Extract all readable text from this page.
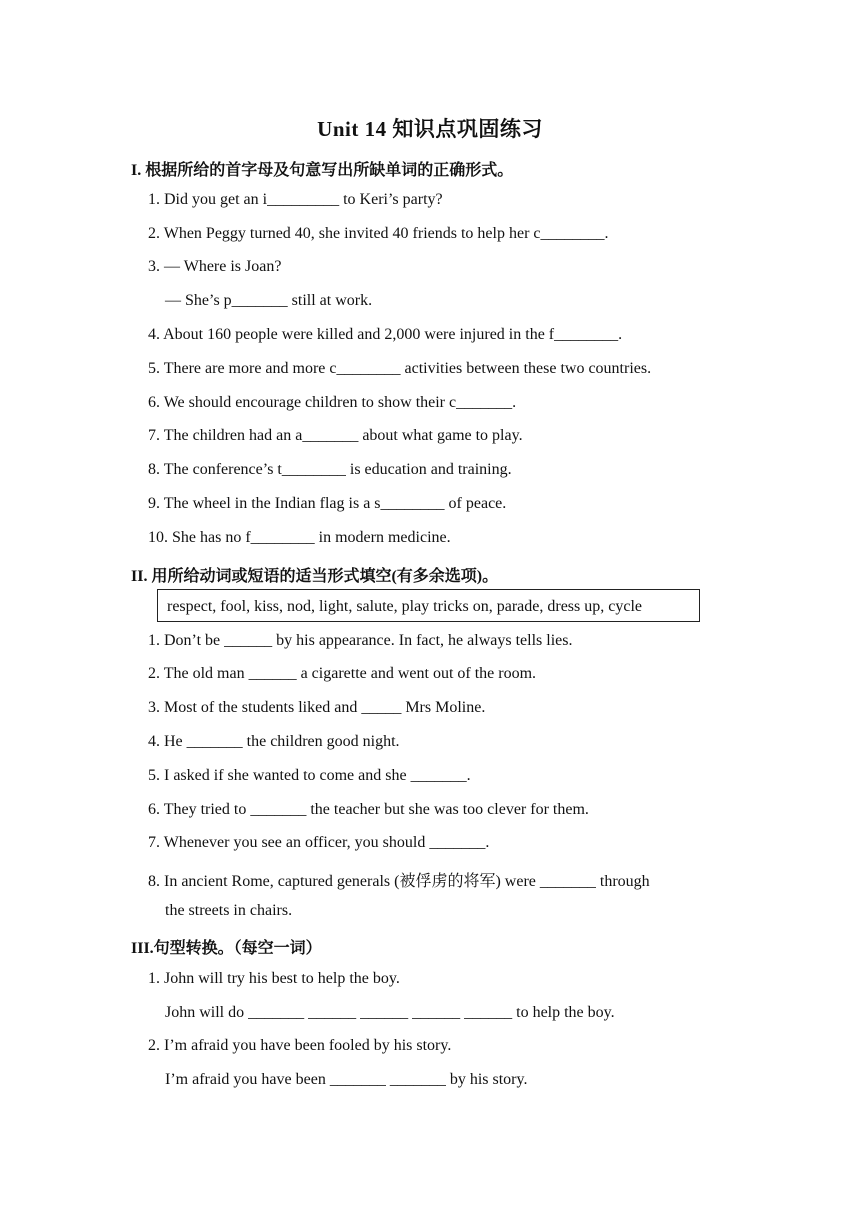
Unit 14 知识点巩固练习
I. 根据所给的首字母及句意写出所缺单词的正确形式。
1. Did you get an i_________ to Keri’s party?
2. When Peggy turned 40, she invited 40 friends to help her c________.
3. — Where is Joan?
— She’s p_______ still at work.
4. About 160 people were killed and 2,000 were injured in the f________.
5. There are more and more c________ activities between these two countries.
6. We should encourage children to show their c_______.
7. The children had an a_______ about what game to play.
8. The conference’s t________ is education and training.
9. The wheel in the Indian flag is a s________ of peace.
10. She has no f________ in modern medicine.
II. 用所给动词或短语的适当形式填空(有多余选项)。
respect, fool, kiss, nod, light, salute, play tricks on, parade, dress up, cycle
1. Don’t be ______ by his appearance. In fact, he always tells lies.
2. The old man ______ a cigarette and went out of the room.
3. Most of the students liked and _____ Mrs Moline.
4. He _______ the children good night.
5. I asked if she wanted to come and she _______.
6. They tried to _______ the teacher but she was too clever for them.
7. Whenever you see an officer, you should _______.
8. In ancient Rome, captured generals (被俘虏的将军) were _______ through
the streets in chairs.
III.句型转换。（每空一词）
1. John will try his best to help the boy.
John will do _______ ______ ______ ______ ______ to help the boy.
2. I’m afraid you have been fooled by his story.
I’m afraid you have been _______ _______ by his story.
